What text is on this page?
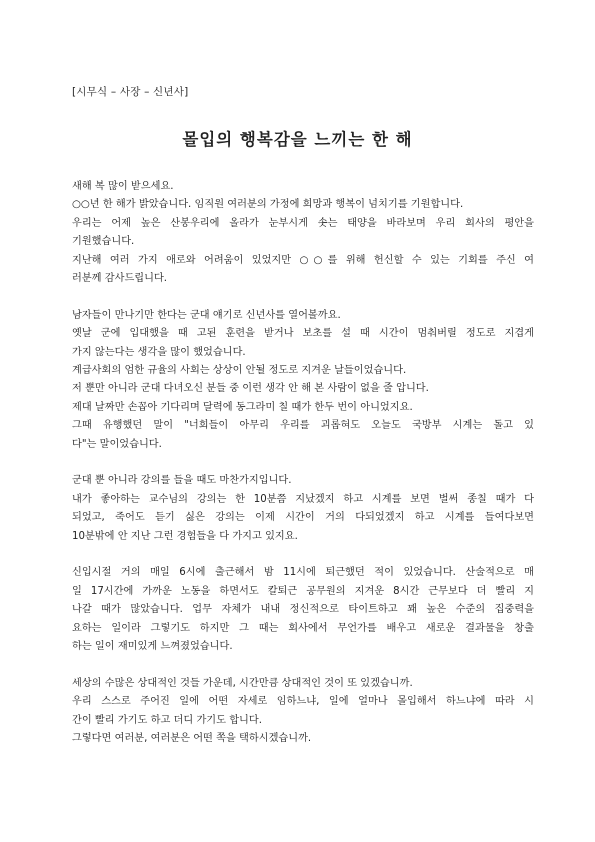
[시무식 – 사장 – 신년사]
몰입의 행복감을 느끼는 한 해
새해 복 많이 받으세요.
○○년 한 해가 밝았습니다. 임직원 여러분의 가정에 희망과 행복이 넘치기를 기원합니다.
우리는 어제 높은 산봉우리에 올라가 눈부시게 솟는 태양을 바라보며 우리 회사의 평안을
기원했습니다.
지난해 여러 가지 애로와 어려움이 있었지만 ○○를 위해 헌신할 수 있는 기회를 주신 여
러분께 감사드립니다.
남자들이 만나기만 한다는 군대 얘기로 신년사를 열어볼까요.
옛날 군에 입대했을 때 고된 훈련을 받거나 보초를 설 때 시간이 멈춰버릴 정도로 지겹게
가지 않는다는 생각을 많이 했었습니다.
계급사회의 엄한 규율의 사회는 상상이 안될 정도로 지겨운 날들이었습니다.
저 뿐만 아니라 군대 다녀오신 분들 중 이런 생각 안 해 본 사람이 없을 줄 압니다.
제대 날짜만 손꼽아 기다리며 달력에 동그라미 칠 때가 한두 번이 아니었지요.
그때 유행했던 말이 "너희들이 아무리 우리를 괴롭혀도 오늘도 국방부 시계는 돌고 있
다"는 말이었습니다.
군대 뿐 아니라 강의를 들을 때도 마찬가지입니다.
내가 좋아하는 교수님의 강의는 한 10분쯤 지났겠지 하고 시계를 보면 벌써 종칠 때가 다
되었고, 죽어도 듣기 싫은 강의는 이제 시간이 거의 다되었겠지 하고 시계를 들여다보면
10분밖에 안 지난 그런 경험들을 다 가지고 있지요.
신입시절 거의 매일 6시에 출근해서 밤 11시에 퇴근했던 적이 있었습니다. 산술적으로 매
일 17시간에 가까운 노동을 하면서도 칼퇴근 공무원의 지겨운 8시간 근무보다 더 빨리 지
나갈 때가 많았습니다. 업무 자체가 내내 정신적으로 타이트하고 꽤 높은 수준의 집중력을
요하는 일이라 그렇기도 하지만 그 때는 회사에서 무언가를 배우고 새로운 결과물을 창출
하는 일이 재미있게 느껴졌었습니다.
세상의 수많은 상대적인 것들 가운데, 시간만큼 상대적인 것이 또 있겠습니까.
우리 스스로 주어진 일에 어떤 자세로 임하느냐, 일에 얼마나 몰입해서 하느냐에 따라 시
간이 빨리 가기도 하고 더디 가기도 합니다.
그렇다면 여러분, 여러분은 어떤 쪽을 택하시겠습니까.
